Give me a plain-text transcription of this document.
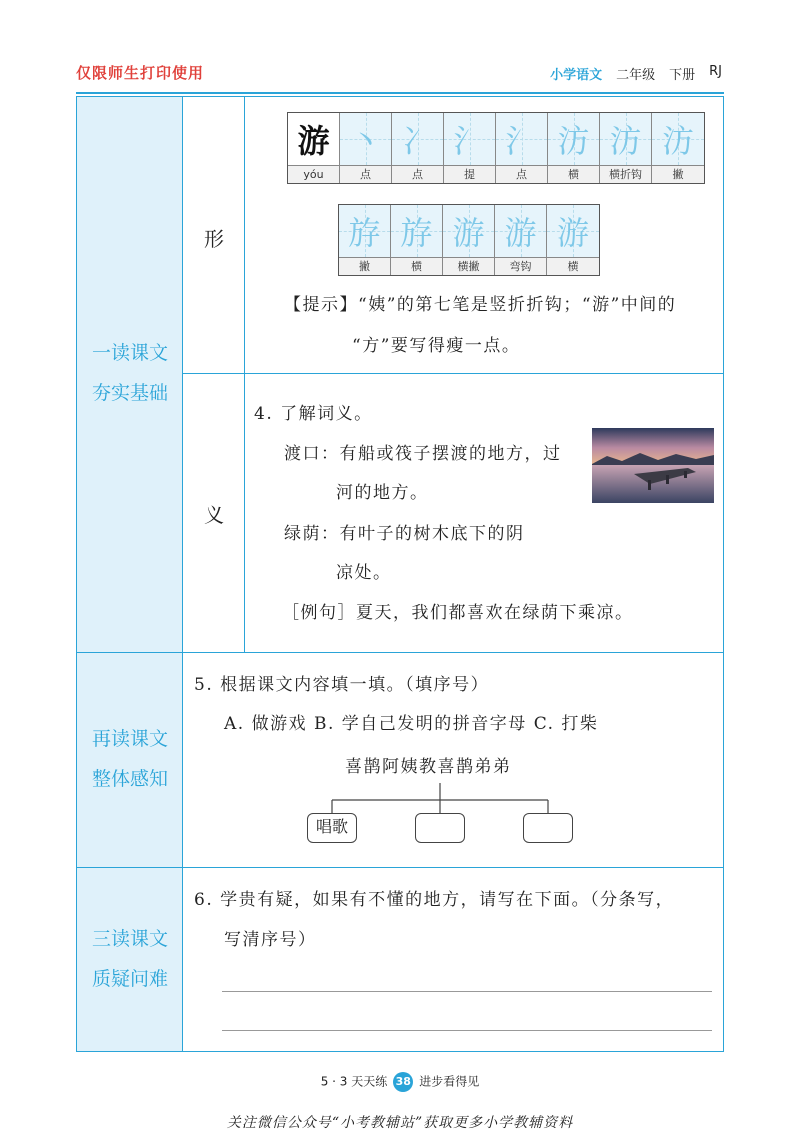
仅限师生打印使用	小学语文 二年级 下册 RJ
一读课文
夯实基础
再读课文
整体感知
三读课文
质疑问难
形
义
游
yóu
丶
点
冫
点
氵
提
氵
点
汸
横
汸
横折钩
汸
撇
斿
撇
斿
横
游
横撇
游
弯钩
游
横
【提示】“姨”的第七笔是竖折折钩；“游”中间的
“方”要写得瘦一点。
4. 了解词义。
渡口：有船或筏子摆渡的地方，过
河的地方。
绿荫：有叶子的树木底下的阴
凉处。
［例句］夏天，我们都喜欢在绿荫下乘凉。
5. 根据课文内容填一填。（填序号）
A. 做游戏 B. 学自己发明的拼音字母 C. 打柴
喜鹊阿姨教喜鹊弟弟
唱歌
6. 学贵有疑，如果有不懂的地方，请写在下面。（分条写，
写清序号）
5 · 3 天天练 38 进步看得见
关注微信公众号“小考教辅站”获取更多小学教辅资料
